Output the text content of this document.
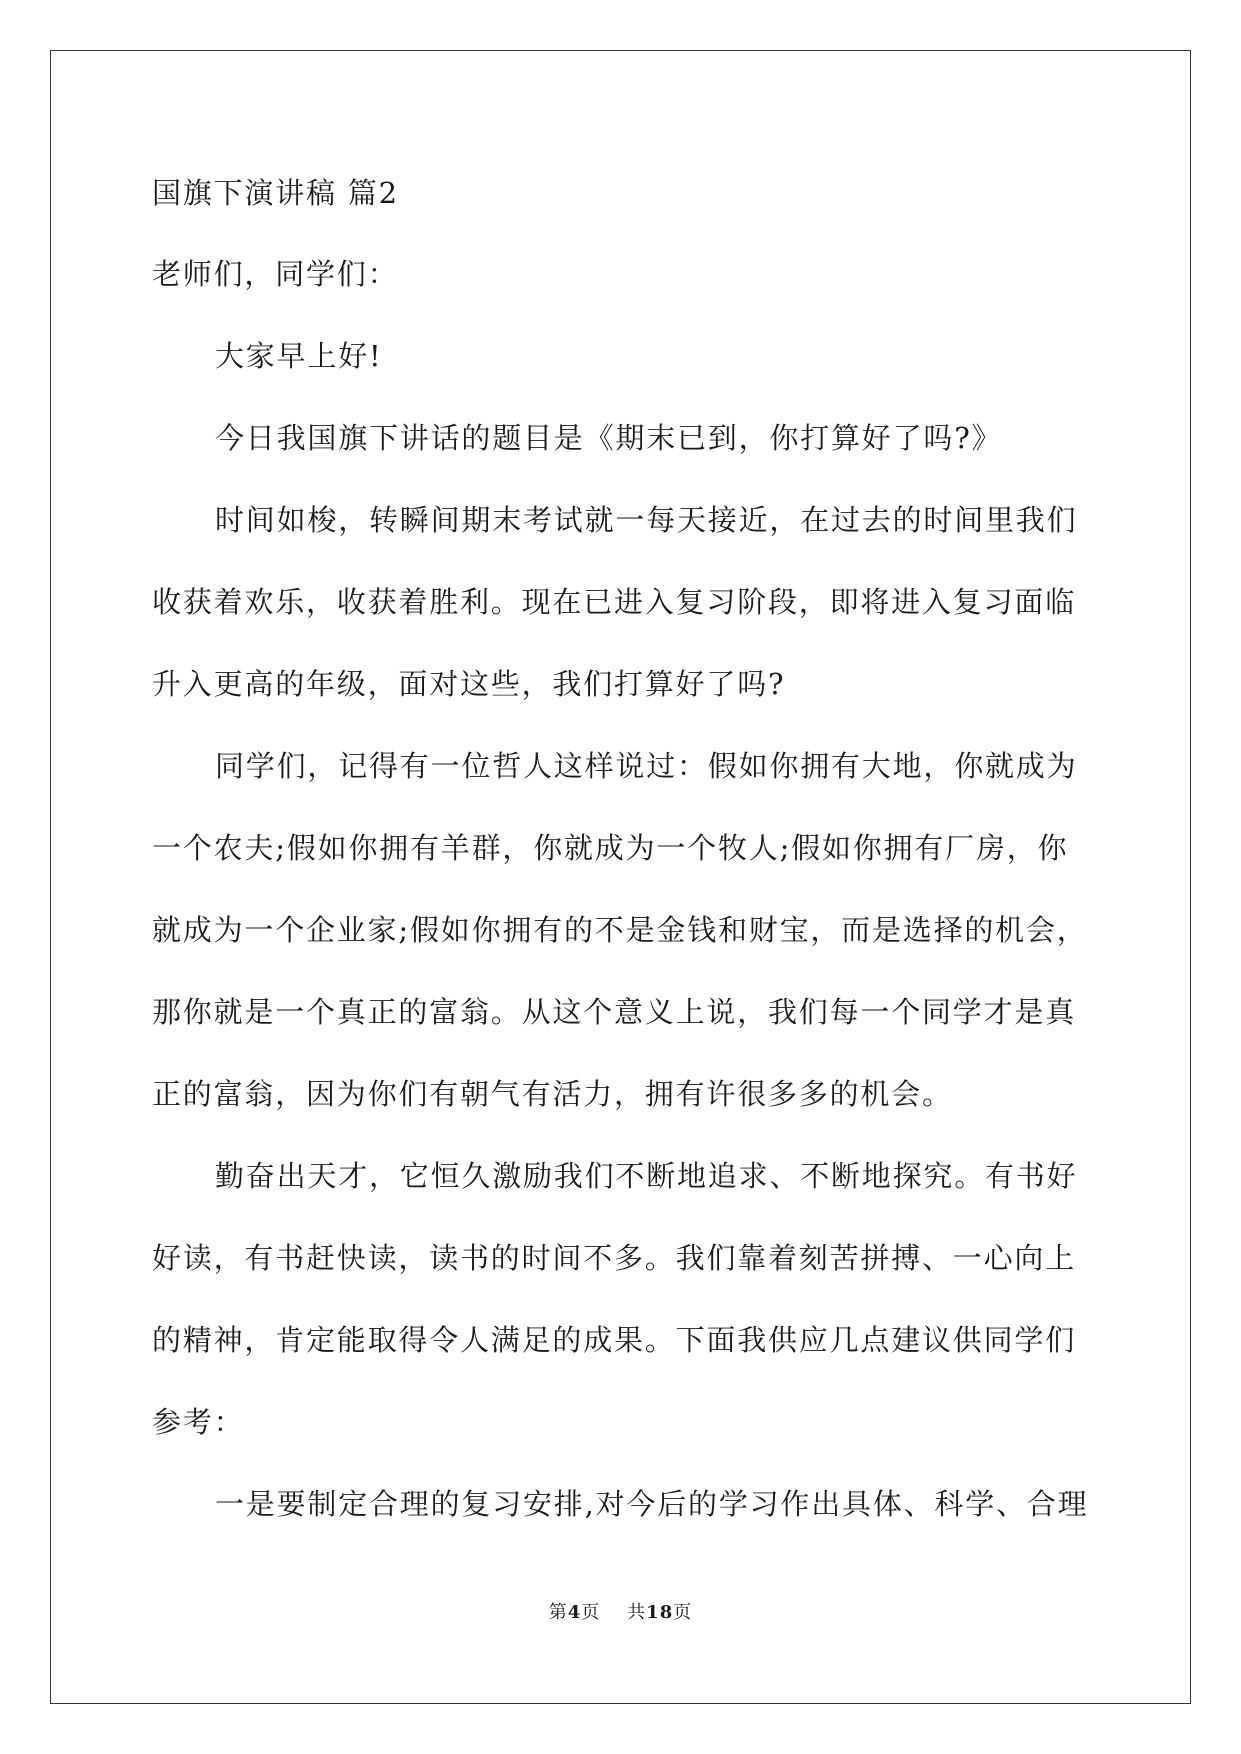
国旗下演讲稿 篇2

老师们，同学们：

大家早上好!

今日我国旗下讲话的题目是《期末已到，你打算好了吗?》

时间如梭，转瞬间期末考试就一每天接近，在过去的时间里我们

收获着欢乐，收获着胜利。现在已进入复习阶段，即将进入复习面临

升入更高的年级，面对这些，我们打算好了吗?

同学们，记得有一位哲人这样说过：假如你拥有大地，你就成为

一个农夫;假如你拥有羊群，你就成为一个牧人;假如你拥有厂房，你

就成为一个企业家;假如你拥有的不是金钱和财宝，而是选择的机会，

那你就是一个真正的富翁。从这个意义上说，我们每一个同学才是真

正的富翁，因为你们有朝气有活力，拥有许很多多的机会。

勤奋出天才，它恒久激励我们不断地追求、不断地探究。有书好

好读，有书赶快读，读书的时间不多。我们靠着刻苦拼搏、一心向上

的精神，肯定能取得令人满足的成果。下面我供应几点建议供同学们

参考：

一是要制定合理的复习安排,对今后的学习作出具体、科学、合理

第4页 共18页
